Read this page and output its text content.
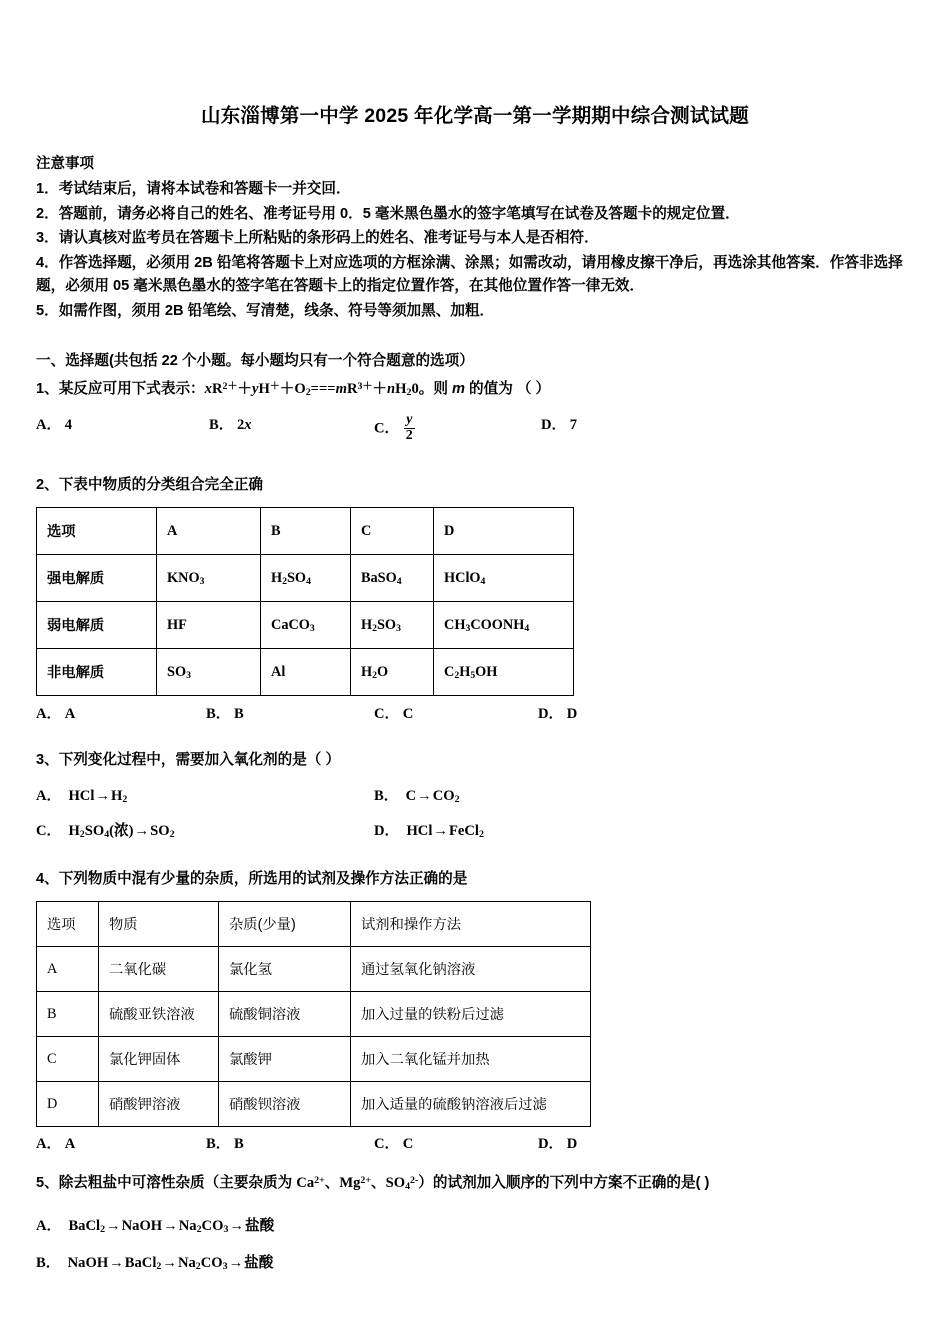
山东淄博第一中学 2025 年化学高一第一学期期中综合测试试题
注意事项
1．考试结束后，请将本试卷和答题卡一并交回．
2．答题前，请务必将自己的姓名、准考证号用 0．5 毫米黑色墨水的签字笔填写在试卷及答题卡的规定位置．
3．请认真核对监考员在答题卡上所粘贴的条形码上的姓名、准考证号与本人是否相符．
4．作答选择题，必须用 2B 铅笔将答题卡上对应选项的方框涂满、涂黑；如需改动，请用橡皮擦干净后，再选涂其他答案．作答非选择题，必须用 05 毫米黑色墨水的签字笔在答题卡上的指定位置作答，在其他位置作答一律无效．
5．如需作图，须用 2B 铅笔绘、写清楚，线条、符号等须加黑、加粗．
一、选择题(共包括 22 个小题。每小题均只有一个符合题意的选项）
1、某反应可用下式表示：$xR^{2+}+yH^++O_2===mR^{3+}+nH_20$。则 m 的值为 （ ）
A． 4	B． 2x	C． $\frac{y}{2}$	D． 7
2、下表中物质的分类组合完全正确
选项	A	B	C	D
强电解质	$KNO_3$	$H_2SO_4$	BaSO$_4$	HClO$_4$
弱电解质	HF	CaCO$_3$	$H_2SO_3$	$CH_3COONH_4$
非电解质	$SO_3$	Al	$H_2O$	$C_2H_5OH$
A． A	B． B	C． C	D． D
3、下列变化过程中，需要加入氧化剂的是（ ）
A．  $HCl\to H_2$	B．  $C\to CO_2$
C．  $H_2SO_4$(浓)$\to SO_2$	D．  HCl→FeCl$_2$
4、下列物质中混有少量的杂质，所选用的试剂及操作方法正确的是
选项	物质	杂质(少量)	试剂和操作方法
A	二氧化碳	氯化氢	通过氢氧化钠溶液
B	硫酸亚铁溶液	硫酸铜溶液	加入过量的铁粉后过滤
C	氯化钾固体	氯酸钾	加入二氧化锰并加热
D	硝酸钾溶液	硝酸钡溶液	加入适量的硫酸钠溶液后过滤
A． A	B． B	C． C	D． D
5、除去粗盐中可溶性杂质（主要杂质为 $Ca^{2+}$、$Mg^{2+}$、$SO_4^{2-}$）的试剂加入顺序的下列中方案不正确的是( )
A．  $BaCl_2\to NaOH\to Na_2CO_3\to$盐酸
B．  $NaOH\to BaCl_2\to Na_2CO_3\to$盐酸
